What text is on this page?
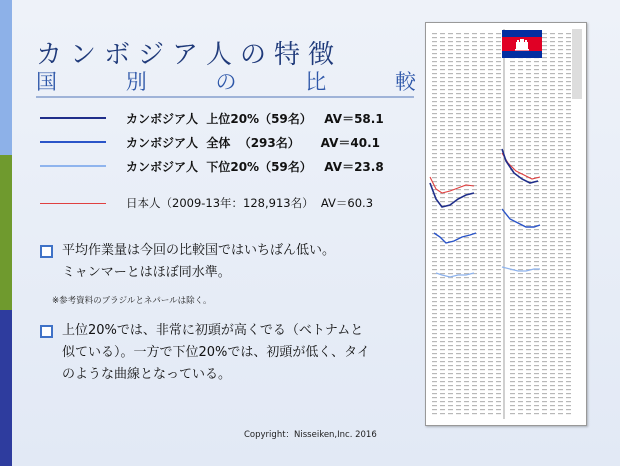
カンボジア人の特徴
国	別	の	比	較
カンボジア人  上位20%（59名）   AV＝58.1
カンボジア人  全体  （293名）     AV＝40.1
カンボジア人  下位20%（59名）   AV＝23.8
日本人（2009-13年：128,913名）  AV＝60.3
平均作業量は今回の比較国ではいちばん低い。
ミャンマーとはほぼ同水準。
※参考資料のブラジルとネパールは除く。
上位20%では、非常に初頭が高くでる（ベトナムと
似ている）。一方で下位20%では、初頭が低く、タイ
のような曲線となっている。
Copyright：Nisseiken,Inc. 2016
